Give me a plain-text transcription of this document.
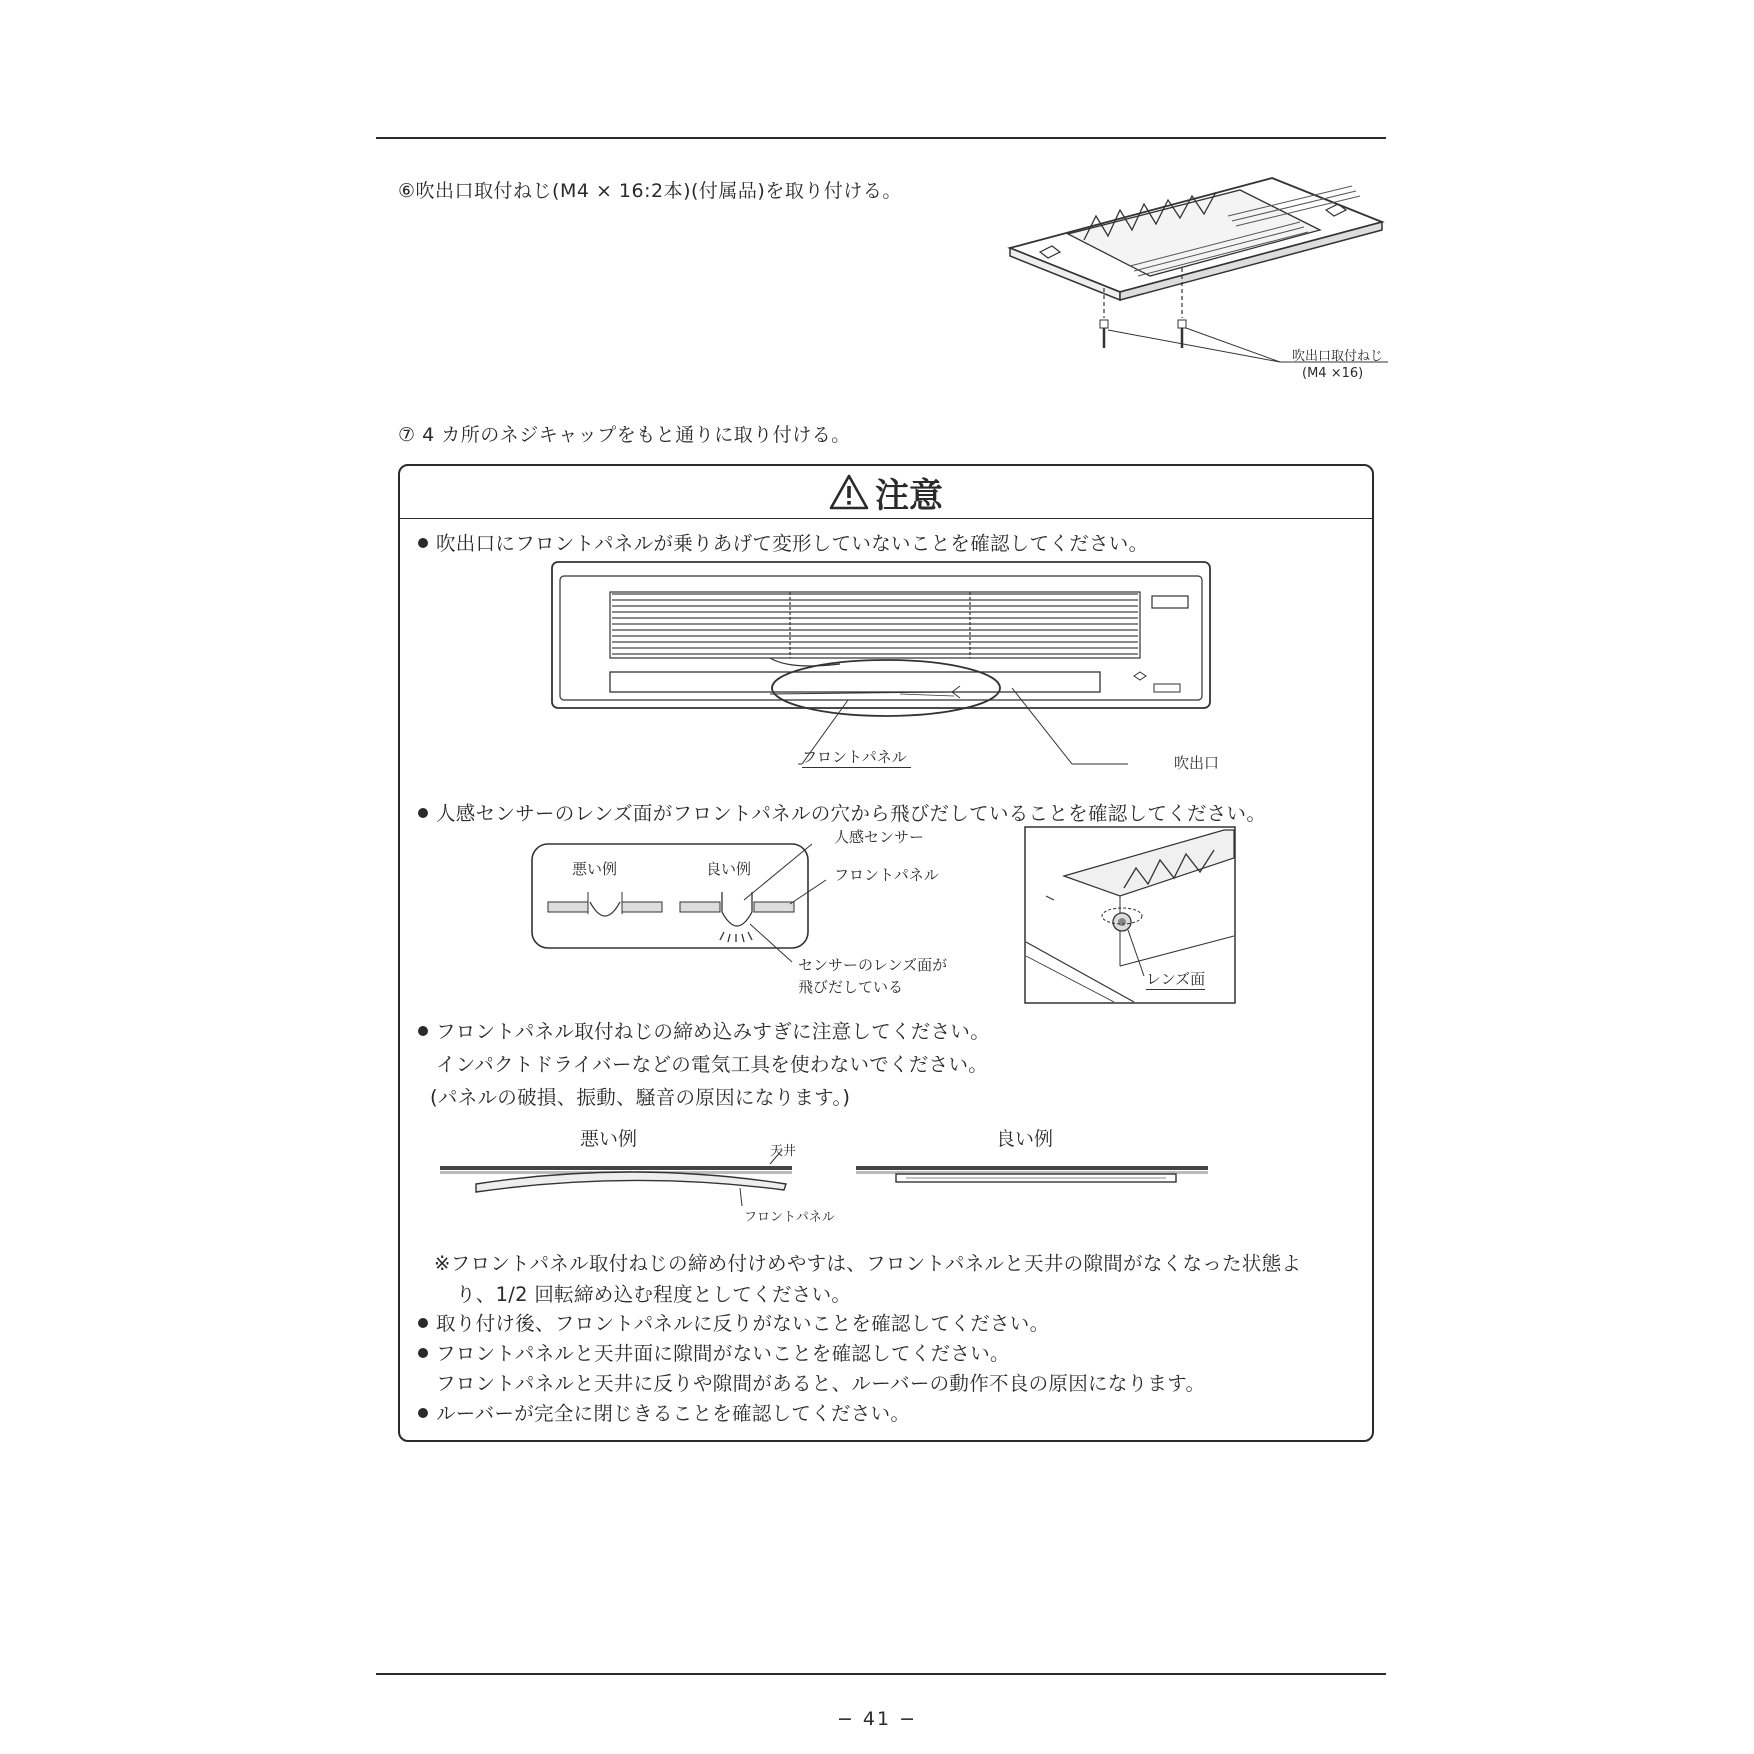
⑥吹出口取付ねじ(M4 × 16:2本)(付属品)を取り付ける。
吹出口取付ねじ
(M4 ×16)
⑦ 4 カ所のネジキャップをもと通りに取り付ける。
注意
吹出口にフロントパネルが乗りあげて変形していないことを確認してください。
フロントパネル	吹出口
人感センサーのレンズ面がフロントパネルの穴から飛びだしていることを確認してください。
悪い例	良い例
人感センサー
フロントパネル
センサーのレンズ面が
飛びだしている	レンズ面
フロントパネル取付ねじの締め込みすぎに注意してください。
インパクトドライバーなどの電気工具を使わないでください。
(パネルの破損、振動、騒音の原因になります。)
悪い例	良い例
天井
フロントパネル
※フロントパネル取付ねじの締め付けめやすは、フロントパネルと天井の隙間がなくなった状態よ
り、1/2 回転締め込む程度としてください。
取り付け後、フロントパネルに反りがないことを確認してください。
フロントパネルと天井面に隙間がないことを確認してください。
フロントパネルと天井に反りや隙間があると、ルーバーの動作不良の原因になります。
ルーバーが完全に閉じきることを確認してください。
− 41 −
